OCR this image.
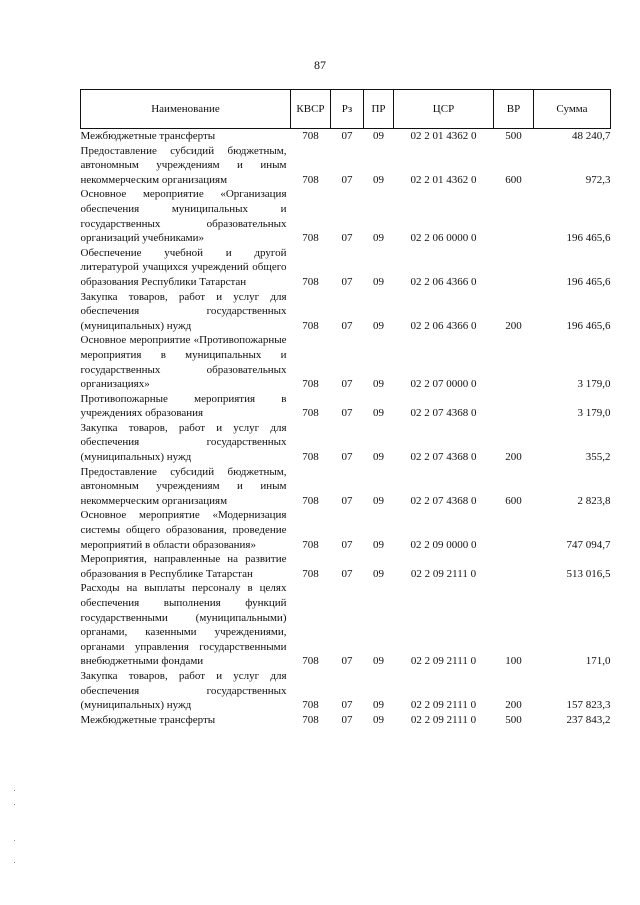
87
Наименование	КВСР	Рз	ПР	ЦСР	ВР	Сумма
Межбюджетные трансферты	708	07	09	02 2 01 4362 0	500	48 240,7
Предоставление субсидий бюджетным, автономным учреждениям и иным некоммерческим организациям	708	07	09	02 2 01 4362 0	600	972,3
Основное мероприятие «Организация обеспечения муниципальных и государственных образовательных организаций учебниками»	708	07	09	02 2 06 0000 0		196 465,6
Обеспечение учебной и другой литературой учащихся учреждений общего образования Республики Татарстан	708	07	09	02 2 06 4366 0		196 465,6
Закупка товаров, работ и услуг для обеспечения государственных (муниципальных) нужд	708	07	09	02 2 06 4366 0	200	196 465,6
Основное мероприятие «Противопожарные мероприятия в муниципальных и государственных образовательных организациях»	708	07	09	02 2 07 0000 0		3 179,0
Противопожарные мероприятия в учреждениях образования	708	07	09	02 2 07 4368 0		3 179,0
Закупка товаров, работ и услуг для обеспечения государственных (муниципальных) нужд	708	07	09	02 2 07 4368 0	200	355,2
Предоставление субсидий бюджетным, автономным учреждениям и иным некоммерческим организациям	708	07	09	02 2 07 4368 0	600	2 823,8
Основное мероприятие «Модернизация системы общего образования, проведение мероприятий в области образования»	708	07	09	02 2 09 0000 0		747 094,7
Мероприятия, направленные на развитие образования в Республике Татарстан	708	07	09	02 2 09 2111 0		513 016,5
Расходы на выплаты персоналу в целях обеспечения выполнения функций государственными (муниципальными) органами, казенными учреждениями, органами управления государственными внебюджетными фондами	708	07	09	02 2 09 2111 0	100	171,0
Закупка товаров, работ и услуг для обеспечения государственных (муниципальных) нужд	708	07	09	02 2 09 2111 0	200	157 823,3
Межбюджетные трансферты	708	07	09	02 2 09 2111 0	500	237 843,2
